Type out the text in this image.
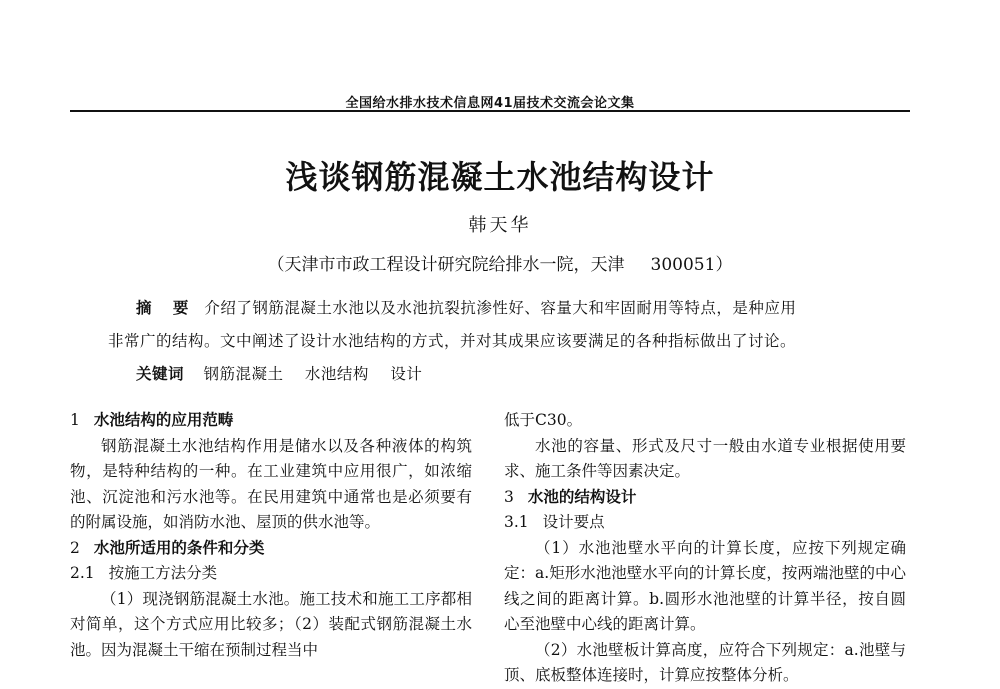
全国给水排水技术信息网41届技术交流会论文集
浅谈钢筋混凝土水池结构设计
韩天华
（天津市市政工程设计研究院给排水一院，天津 300051）
摘 要 介绍了钢筋混凝土水池以及水池抗裂抗渗性好、容量大和牢固耐用等特点，是种应用
非常广的结构。文中阐述了设计水池结构的方式，并对其成果应该要满足的各种指标做出了讨论。
关键词 钢筋混凝土 水池结构 设计

1 水池结构的应用范畴

钢筋混凝土水池结构作用是储水以及各种液体的构筑物，是特种结构的一种。在工业建筑中应用很广，如浓缩池、沉淀池和污水池等。在民用建筑中通常也是必须要有的附属设施，如消防水池、屋顶的供水池等。

2 水池所适用的条件和分类

2.1 按施工方法分类

（1）现浇钢筋混凝土水池。施工技术和施工工序都相对简单，这个方式应用比较多；（2）装配式钢筋混凝土水池。因为混凝土干缩在预制过程当中

低于C30。

水池的容量、形式及尺寸一般由水道专业根据使用要求、施工条件等因素决定。

3 水池的结构设计

3.1 设计要点

（1）水池池壁水平向的计算长度，应按下列规定确定：a.矩形水池池壁水平向的计算长度，按两端池壁的中心线之间的距离计算。b.圆形水池池壁的计算半径，按自圆心至池壁中心线的距离计算。

（2）水池壁板计算高度，应符合下列规定：a.池壁与顶、底板整体连接时，计算应按整体分析。
